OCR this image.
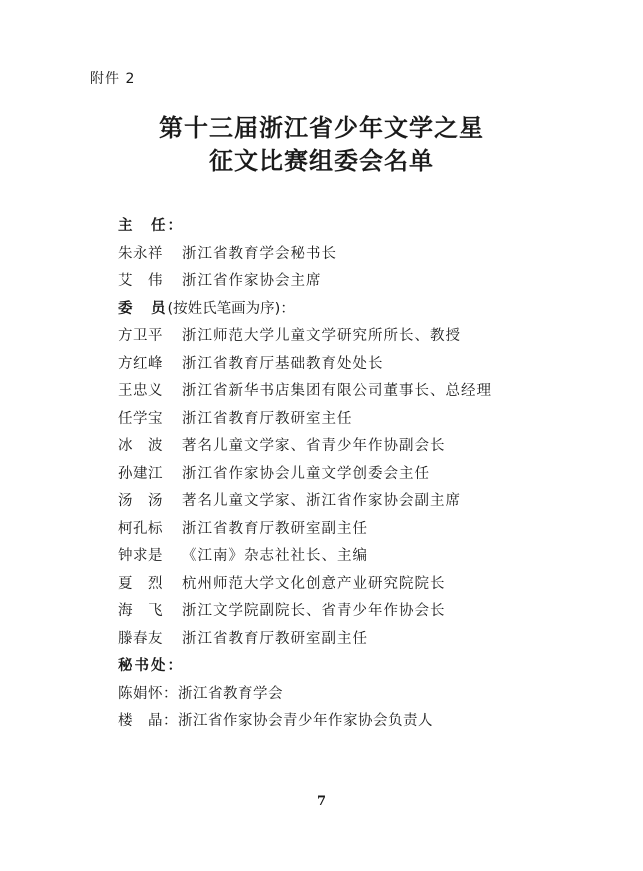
附件 2
第十三届浙江省少年文学之星
征文比赛组委会名单
主　任：
朱永祥 浙江省教育学会秘书长
艾　伟 浙江省作家协会主席
委　员(按姓氏笔画为序)：
方卫平 浙江师范大学儿童文学研究所所长、教授
方红峰 浙江省教育厅基础教育处处长
王忠义 浙江省新华书店集团有限公司董事长、总经理
任学宝 浙江省教育厅教研室主任
冰　波 著名儿童文学家、省青少年作协副会长
孙建江 浙江省作家协会儿童文学创委会主任
汤　汤 著名儿童文学家、浙江省作家协会副主席
柯孔标 浙江省教育厅教研室副主任
钟求是 《江南》杂志社社长、主编
夏　烈 杭州师范大学文化创意产业研究院院长
海　飞 浙江文学院副院长、省青少年作协会长
滕春友 浙江省教育厅教研室副主任
秘书处：
陈娟怀：浙江省教育学会
楼　晶：浙江省作家协会青少年作家协会负责人
7
